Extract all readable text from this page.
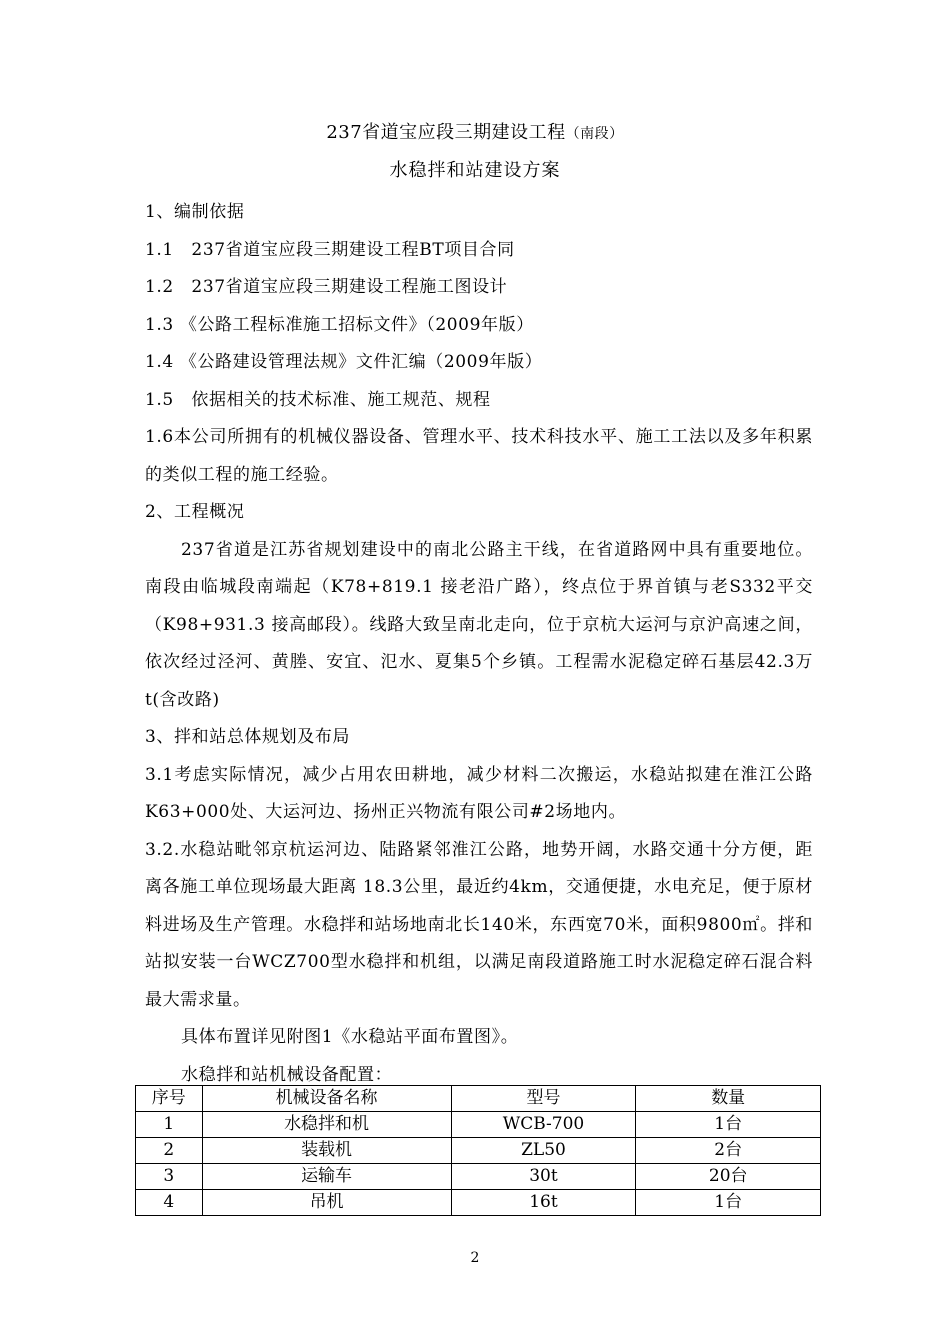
237省道宝应段三期建设工程（南段）
水稳拌和站建设方案

1、编制依据

1.1　237省道宝应段三期建设工程BT项目合同

1.2　237省道宝应段三期建设工程施工图设计

1.3 《公路工程标准施工招标文件》（2009年版）

1.4 《公路建设管理法规》文件汇编（2009年版）

1.5　依据相关的技术标准、施工规范、规程

1.6本公司所拥有的机械仪器设备、管理水平、技术科技水平、施工工法以及多年积累的类似工程的施工经验。

2、工程概况

237省道是江苏省规划建设中的南北公路主干线，在省道路网中具有重要地位。南段由临城段南端起（K78+819.1 接老沿广路），终点位于界首镇与老S332平交（K98+931.3 接高邮段）。线路大致呈南北走向，位于京杭大运河与京沪高速之间，依次经过泾河、黄塍、安宜、氾水、夏集5个乡镇。工程需水泥稳定碎石基层42.3万t(含改路)

3、拌和站总体规划及布局

3.1考虑实际情况，减少占用农田耕地，减少材料二次搬运，水稳站拟建在淮江公路K63+000处、大运河边、扬州正兴物流有限公司#2场地内。

3.2.水稳站毗邻京杭运河边、陆路紧邻淮江公路，地势开阔，水路交通十分方便，距离各施工单位现场最大距离 18.3公里，最近约4km，交通便捷，水电充足，便于原材料进场及生产管理。水稳拌和站场地南北长140米，东西宽70米，面积9800㎡。拌和站拟安装一台WCZ700型水稳拌和机组，以满足南段道路施工时水泥稳定碎石混合料最大需求量。

具体布置详见附图1《水稳站平面布置图》。

水稳拌和站机械设备配置：

序号	机械设备名称	型号	数量
1	水稳拌和机	WCB-700	1台
2	装载机	ZL50	2台
3	运输车	30t	20台
4	吊机	16t	1台
2
